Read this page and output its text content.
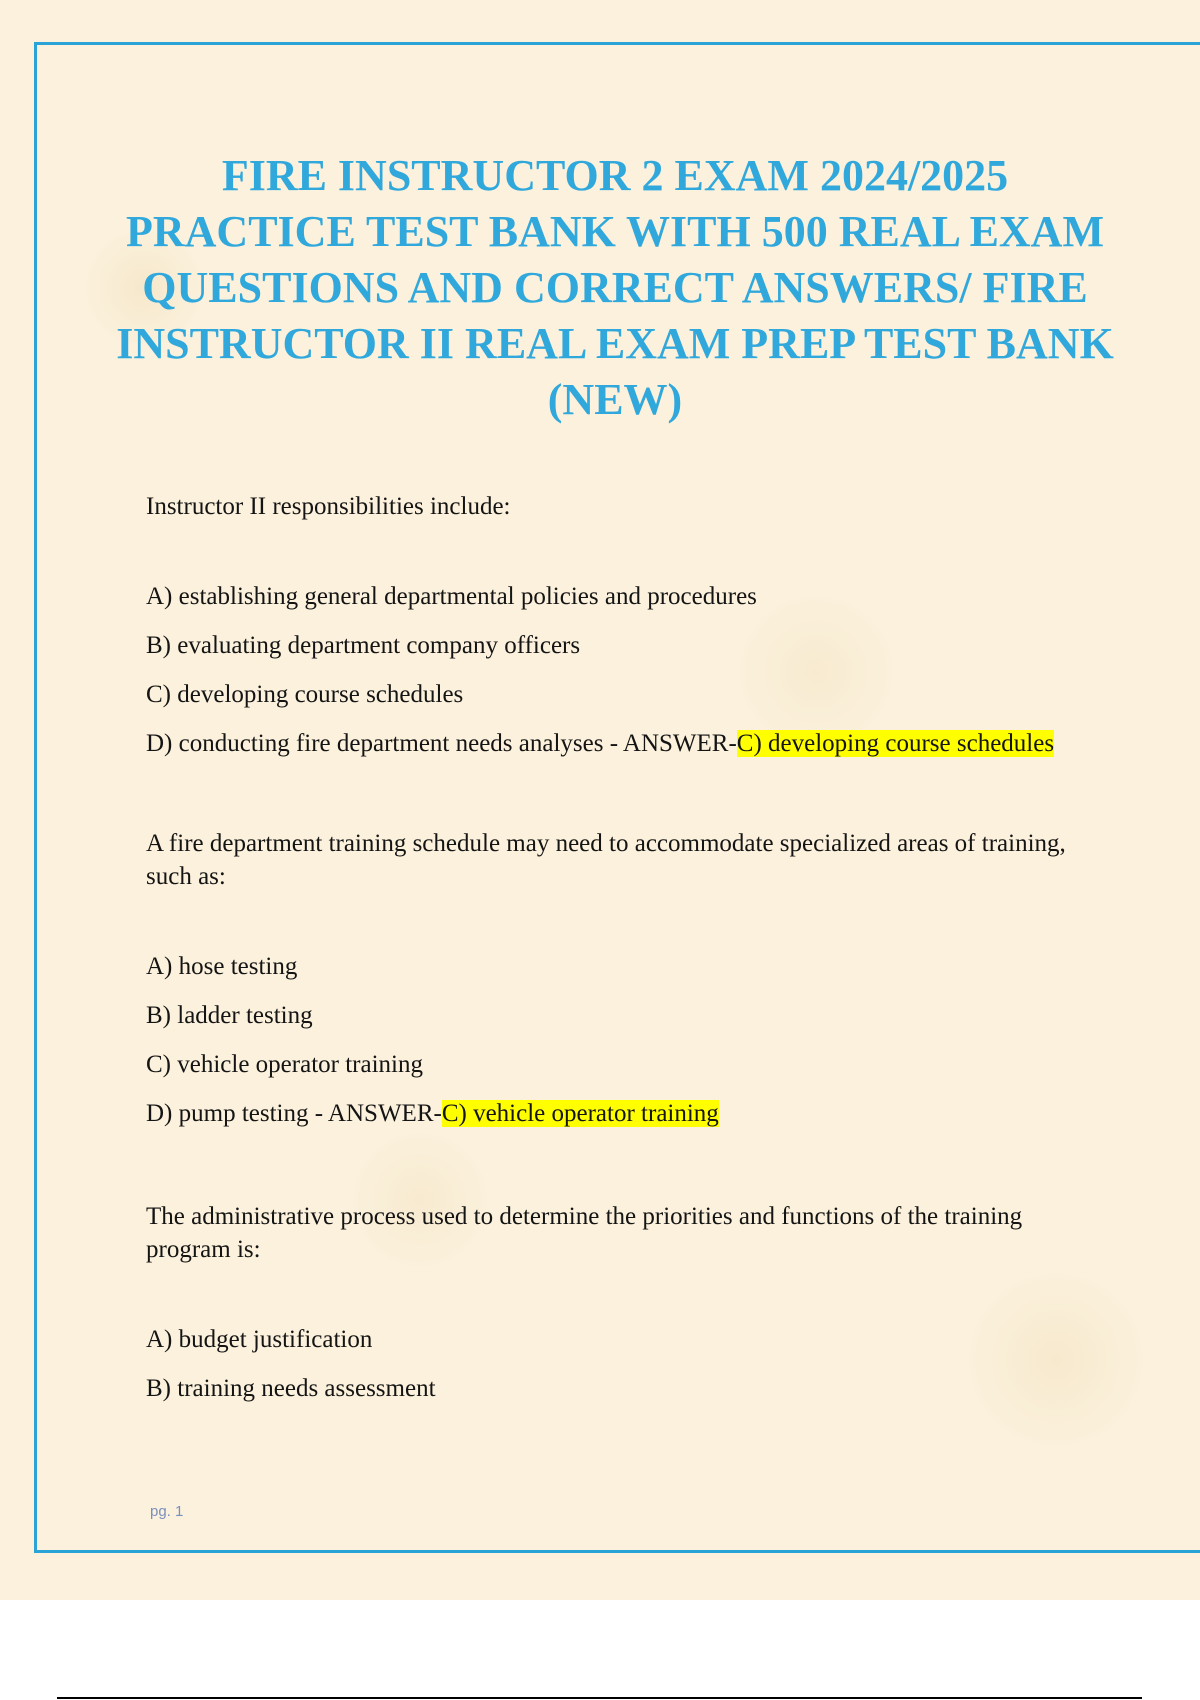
FIRE INSTRUCTOR 2 EXAM 2024/2025 PRACTICE TEST BANK WITH 500 REAL EXAM QUESTIONS AND CORRECT ANSWERS/ FIRE INSTRUCTOR II REAL EXAM PREP TEST BANK (NEW)

Instructor II responsibilities include:

A) establishing general departmental policies and procedures
B) evaluating department company officers
C) developing course schedules
D) conducting fire department needs analyses - ANSWER-C) developing course schedules

A fire department training schedule may need to accommodate specialized areas of training, such as:

A) hose testing
B) ladder testing
C) vehicle operator training
D) pump testing - ANSWER-C) vehicle operator training

The administrative process used to determine the priorities and functions of the training program is:

A) budget justification
B) training needs assessment
pg. 1
